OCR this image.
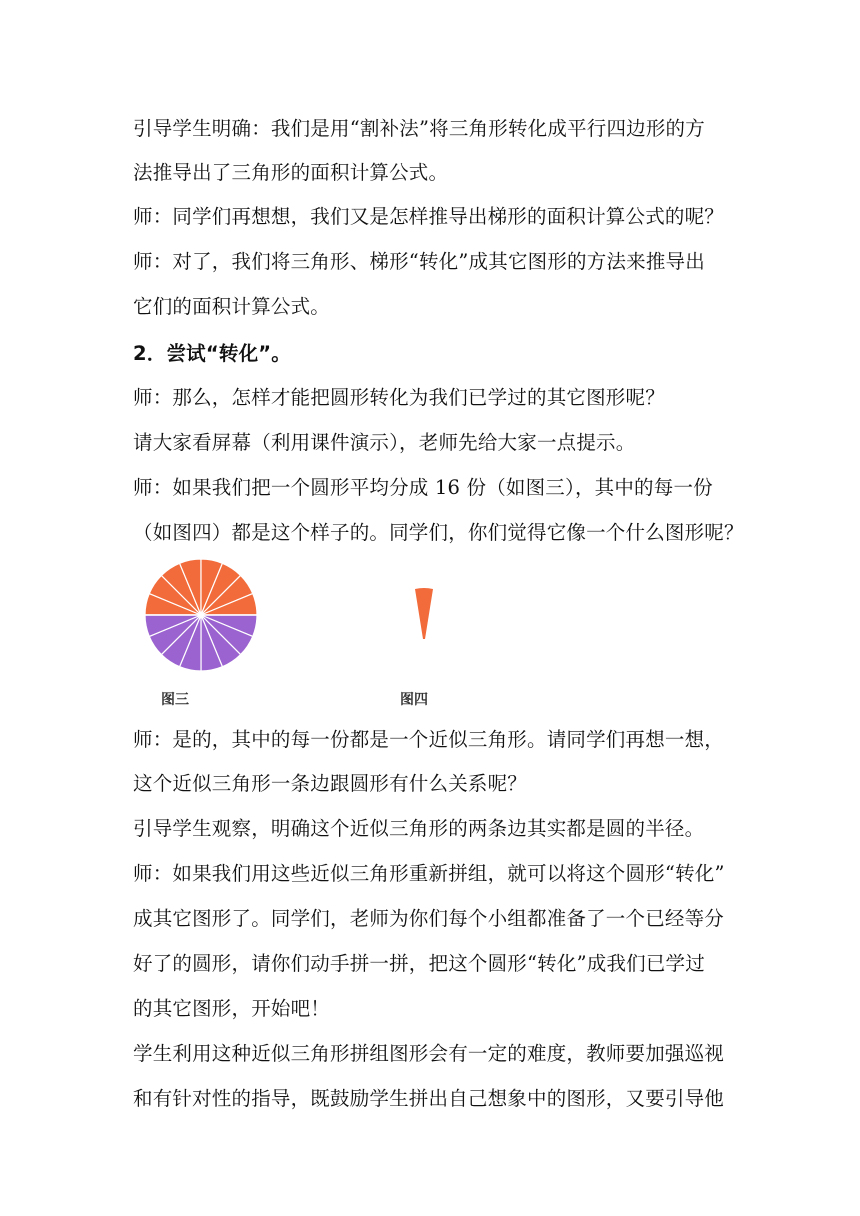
引导学生明确：我们是用“割补法”将三角形转化成平行四边形的方
法推导出了三角形的面积计算公式。
师：同学们再想想，我们又是怎样推导出梯形的面积计算公式的呢？
师：对了，我们将三角形、梯形“转化”成其它图形的方法来推导出
它们的面积计算公式。
2．尝试“转化”。
师：那么，怎样才能把圆形转化为我们已学过的其它图形呢？
请大家看屏幕（利用课件演示），老师先给大家一点提示。
师：如果我们把一个圆形平均分成 16 份（如图三），其中的每一份
（如图四）都是这个样子的。同学们，你们觉得它像一个什么图形呢？
图三	图四
师：是的，其中的每一份都是一个近似三角形。请同学们再想一想，
这个近似三角形一条边跟圆形有什么关系呢？
引导学生观察，明确这个近似三角形的两条边其实都是圆的半径。
师：如果我们用这些近似三角形重新拼组，就可以将这个圆形“转化”
成其它图形了。同学们，老师为你们每个小组都准备了一个已经等分
好了的圆形，请你们动手拼一拼，把这个圆形“转化”成我们已学过
的其它图形，开始吧！
学生利用这种近似三角形拼组图形会有一定的难度，教师要加强巡视
和有针对性的指导，既鼓励学生拼出自己想象中的图形，又要引导他
